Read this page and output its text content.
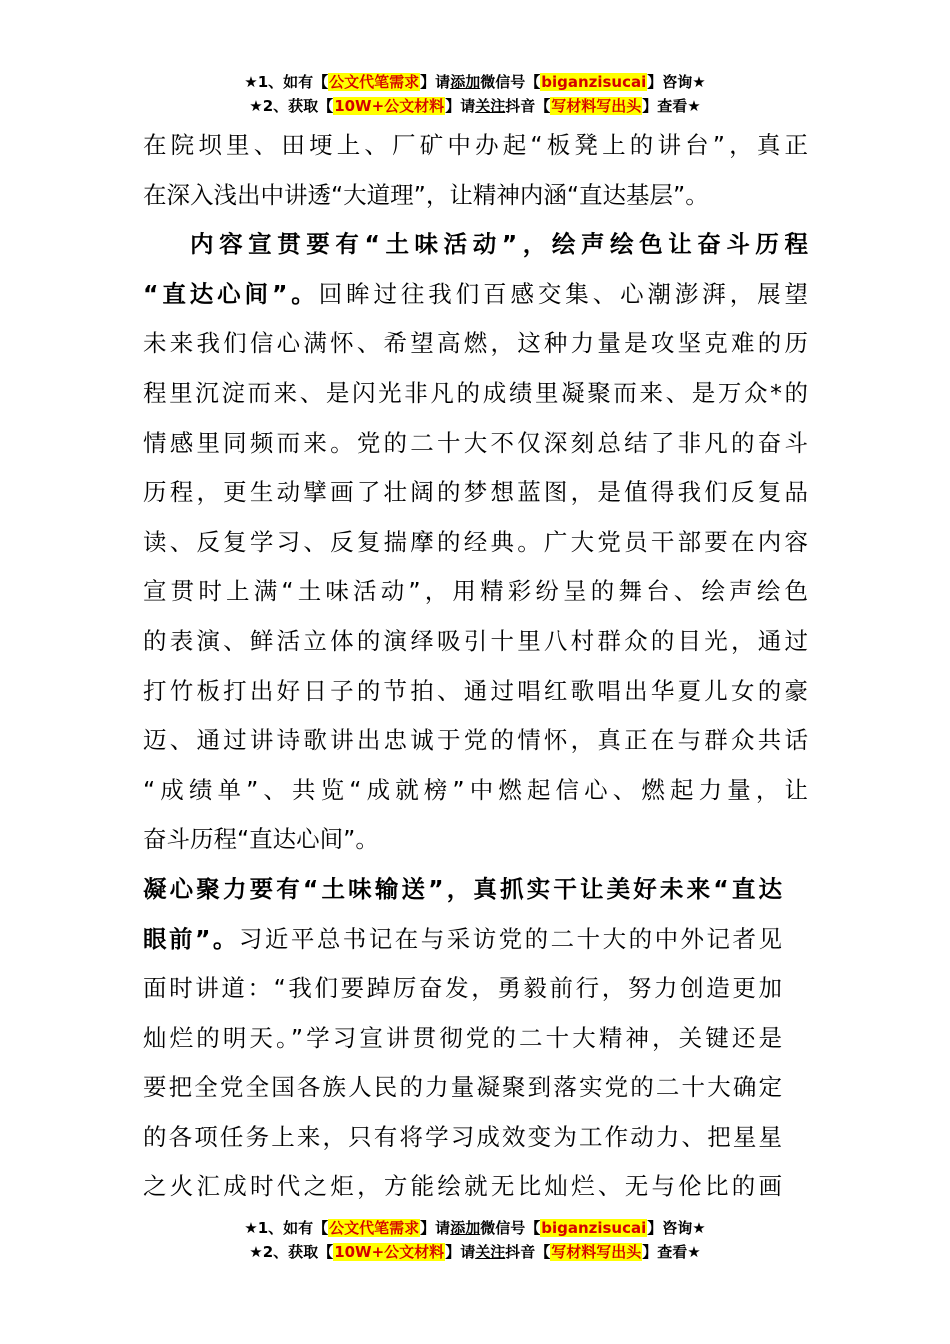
★1、如有【公文代笔需求】请添加微信号【biganzisucai】咨询★
★2、获取【10W+公文材料】请关注抖音【写材料写出头】查看★

在院坝里、田埂上、厂矿中办起“板凳上的讲台”，真正
在深入浅出中讲透“大道理”，让精神内涵“直达基层”。

内容宣贯要有“土味活动”，绘声绘色让奋斗历程
“直达心间”。回眸过往我们百感交集、心潮澎湃，展望
未来我们信心满怀、希望高燃，这种力量是攻坚克难的历
程里沉淀而来、是闪光非凡的成绩里凝聚而来、是万众*的
情感里同频而来。党的二十大不仅深刻总结了非凡的奋斗
历程，更生动擘画了壮阔的梦想蓝图，是值得我们反复品
读、反复学习、反复揣摩的经典。广大党员干部要在内容
宣贯时上满“土味活动”，用精彩纷呈的舞台、绘声绘色
的表演、鲜活立体的演绎吸引十里八村群众的目光，通过
打竹板打出好日子的节拍、通过唱红歌唱出华夏儿女的豪
迈、通过讲诗歌讲出忠诚于党的情怀，真正在与群众共话
“成绩单”、共览“成就榜”中燃起信心、燃起力量，让
奋斗历程“直达心间”。

凝心聚力要有“土味输送”，真抓实干让美好未来“直达
眼前”。习近平总书记在与采访党的二十大的中外记者见
面时讲道：“我们要踔厉奋发，勇毅前行，努力创造更加
灿烂的明天。”学习宣讲贯彻党的二十大精神，关键还是
要把全党全国各族人民的力量凝聚到落实党的二十大确定
的各项任务上来，只有将学习成效变为工作动力、把星星
之火汇成时代之炬，方能绘就无比灿烂、无与伦比的画

★1、如有【公文代笔需求】请添加微信号【biganzisucai】咨询★
★2、获取【10W+公文材料】请关注抖音【写材料写出头】查看★
